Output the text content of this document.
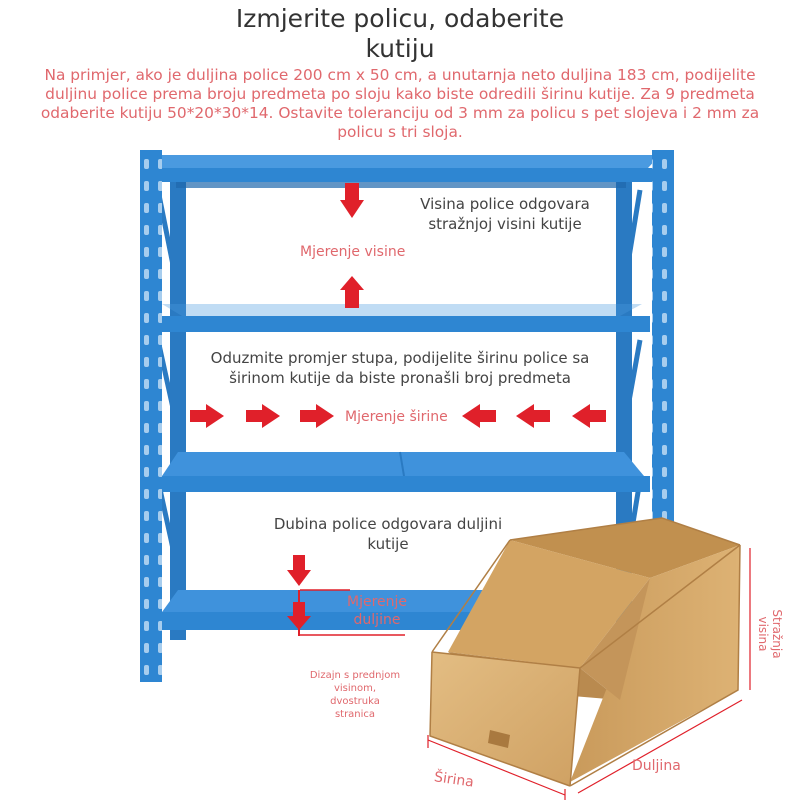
Izmjerite policu, odaberite
kutiju
Na primjer, ako je duljina police 200 cm x 50 cm, a unutarnja neto duljina 183 cm, podijelite
duljinu police prema broju predmeta po sloju kako biste odredili širinu kutije. Za 9 predmeta
odaberite kutiju 50*20*30*14. Ostavite toleranciju od 3 mm za policu s pet slojeva i 2 mm za
policu s tri sloja.
Visina police odgovara
stražnjoj visini kutije
Mjerenje visine
Oduzmite promjer stupa, podijelite širinu police sa
širinom kutije da biste pronašli broj predmeta
Mjerenje širine
Dubina police odgovara duljini
kutije
Mjerenje
duljine
Dizajn s prednjom
visinom,
dvostruka
stranica
Stražnja
visina
Širina
Duljina
